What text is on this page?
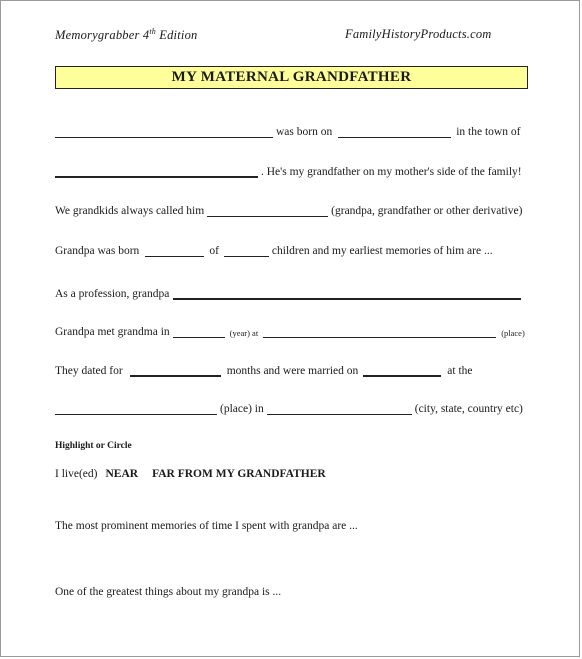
Memorygrabber 4th Edition	FamilyHistoryProducts.com
MY MATERNAL GRANDFATHER
was born on	in the town of
. He's my grandfather on my mother's side of the family!
We grandkids always called him	(grandpa, grandfather or other derivative)
Grandpa was born	of	children and my earliest memories of him are ...
As a profession, grandpa
Grandpa met grandma in	(year) at	(place)
They dated for	months and were married on	at the
(place) in	(city, state, country etc)
Highlight or Circle
I live(ed) NEAR FAR FROM MY GRANDFATHER
The most prominent memories of time I spent with grandpa are ...
One of the greatest things about my grandpa is ...
